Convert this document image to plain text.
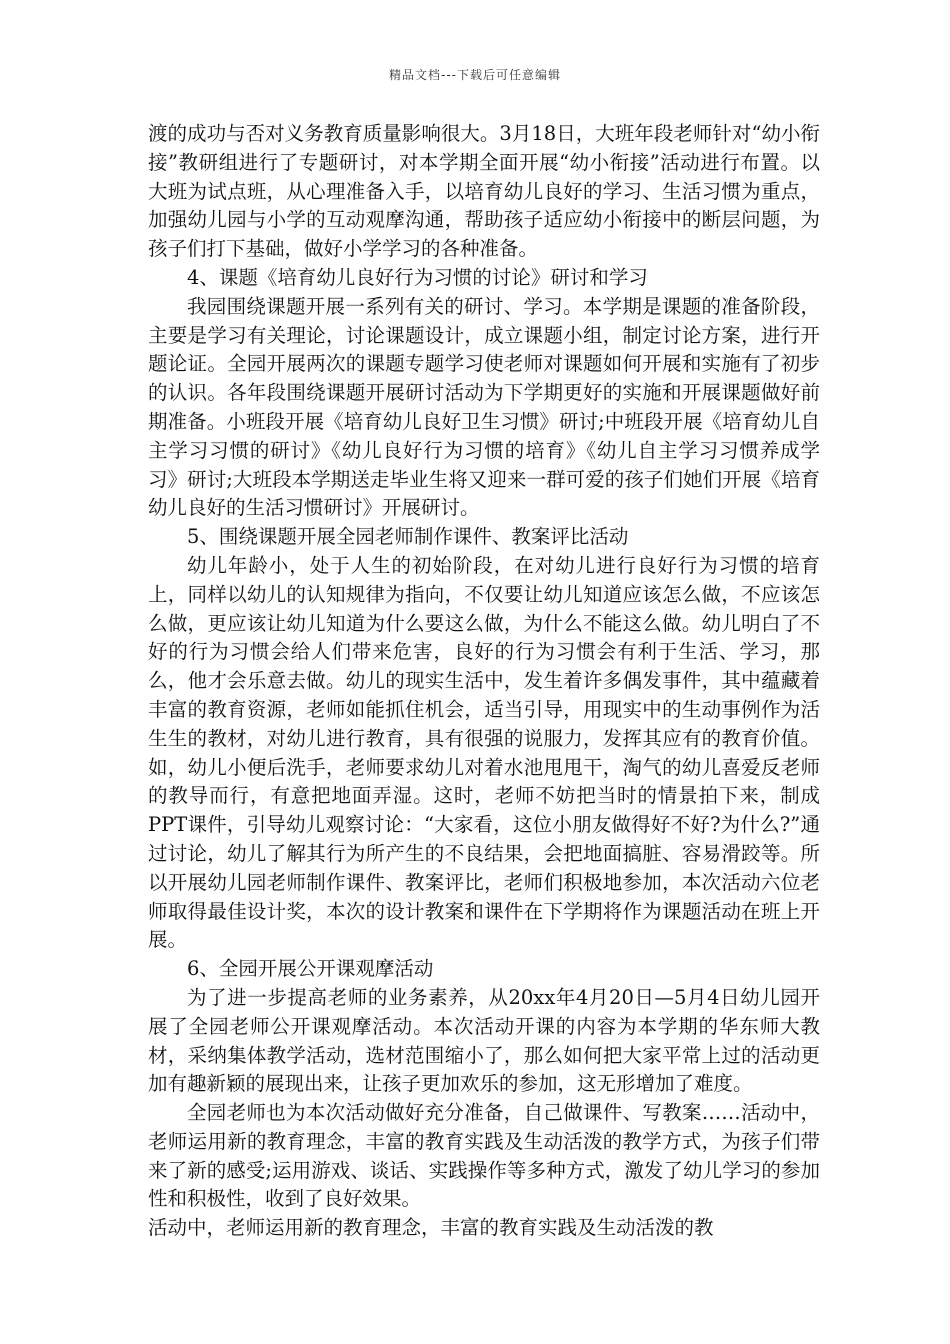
精品文档---下载后可任意编辑

渡的成功与否对义务教育质量影响很大。3月18日，大班年段老师针对“幼小衔接”教研组进行了专题研讨，对本学期全面开展“幼小衔接”活动进行布置。以大班为试点班，从心理准备入手，以培育幼儿良好的学习、生活习惯为重点，加强幼儿园与小学的互动观摩沟通，帮助孩子适应幼小衔接中的断层问题，为孩子们打下基础，做好小学学习的各种准备。

4、课题《培育幼儿良好行为习惯的讨论》研讨和学习

我园围绕课题开展一系列有关的研讨、学习。本学期是课题的准备阶段，主要是学习有关理论，讨论课题设计，成立课题小组，制定讨论方案，进行开题论证。全园开展两次的课题专题学习使老师对课题如何开展和实施有了初步的认识。各年段围绕课题开展研讨活动为下学期更好的实施和开展课题做好前期准备。小班段开展《培育幼儿良好卫生习惯》研讨;中班段开展《培育幼儿自主学习习惯的研讨》《幼儿良好行为习惯的培育》《幼儿自主学习习惯养成学习》研讨;大班段本学期送走毕业生将又迎来一群可爱的孩子们她们开展《培育幼儿良好的生活习惯研讨》开展研讨。

5、围绕课题开展全园老师制作课件、教案评比活动

幼儿年龄小，处于人生的初始阶段，在对幼儿进行良好行为习惯的培育上，同样以幼儿的认知规律为指向，不仅要让幼儿知道应该怎么做，不应该怎么做，更应该让幼儿知道为什么要这么做，为什么不能这么做。幼儿明白了不好的行为习惯会给人们带来危害，良好的行为习惯会有利于生活、学习，那么，他才会乐意去做。幼儿的现实生活中，发生着许多偶发事件，其中蕴藏着丰富的教育资源，老师如能抓住机会，适当引导，用现实中的生动事例作为活生生的教材，对幼儿进行教育，具有很强的说服力，发挥其应有的教育价值。如，幼儿小便后洗手，老师要求幼儿对着水池甩甩干，淘气的幼儿喜爱反老师的教导而行，有意把地面弄湿。这时，老师不妨把当时的情景拍下来，制成PPT课件，引导幼儿观察讨论：“大家看，这位小朋友做得好不好?为什么?”通过讨论，幼儿了解其行为所产生的不良结果，会把地面搞脏、容易滑跤等。所以开展幼儿园老师制作课件、教案评比，老师们积极地参加，本次活动六位老师取得最佳设计奖，本次的设计教案和课件在下学期将作为课题活动在班上开展。

6、全园开展公开课观摩活动

为了进一步提高老师的业务素养，从20xx年4月20日—5月4日幼儿园开展了全园老师公开课观摩活动。本次活动开课的内容为本学期的华东师大教材，采纳集体教学活动，选材范围缩小了，那么如何把大家平常上过的活动更加有趣新颖的展现出来，让孩子更加欢乐的参加，这无形增加了难度。

全园老师也为本次活动做好充分准备，自己做课件、写教案……活动中，老师运用新的教育理念，丰富的教育实践及生动活泼的教学方式，为孩子们带来了新的感受;运用游戏、谈话、实践操作等多种方式，激发了幼儿学习的参加性和积极性，收到了良好效果。

活动中，老师运用新的教育理念，丰富的教育实践及生动活泼的教
